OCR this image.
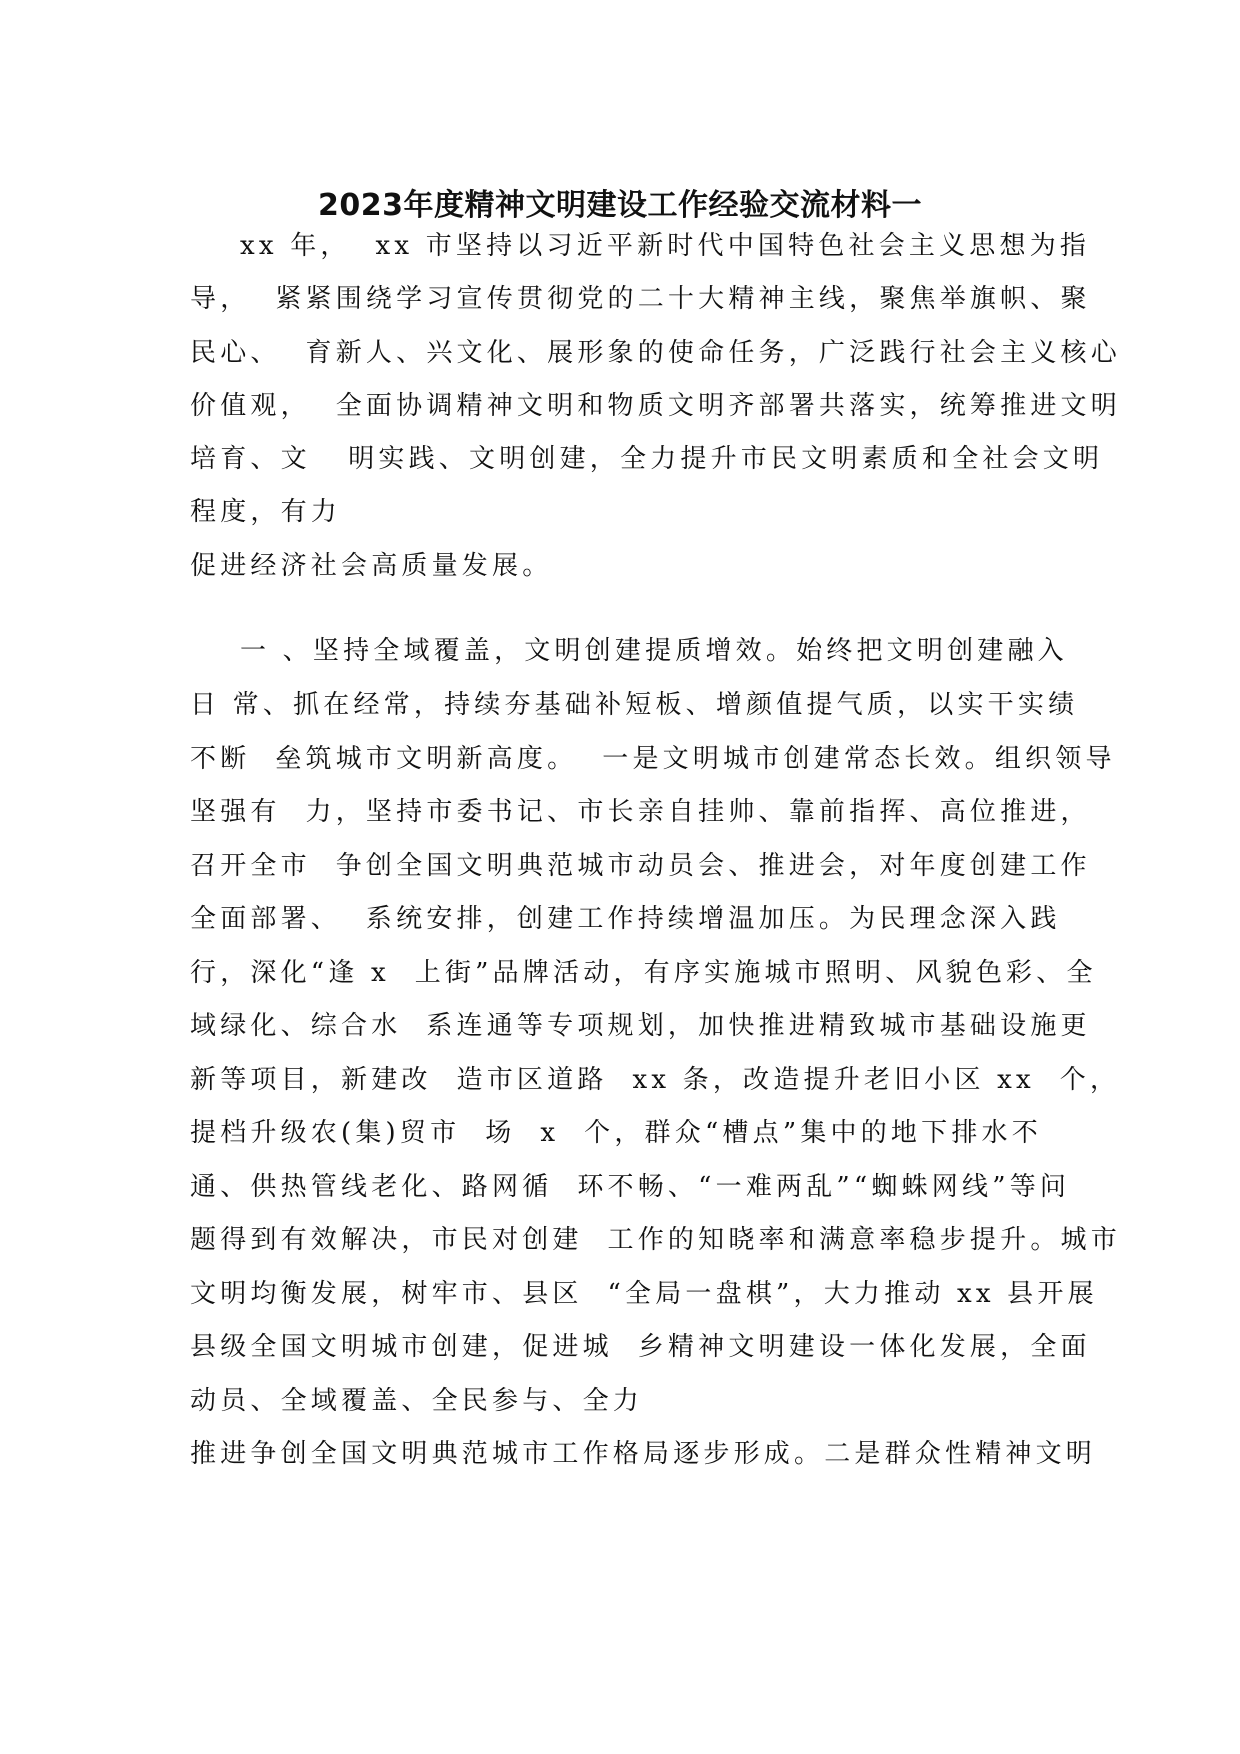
2023年度精神文明建设工作经验交流材料一
xx 年，  xx 市坚持以习近平新时代中国特色社会主义思想为指
导，  紧紧围绕学习宣传贯彻党的二十大精神主线，聚焦举旗帜、聚
民心、  育新人、兴文化、展形象的使命任务，广泛践行社会主义核心
价值观，  全面协调精神文明和物质文明齐部署共落实，统筹推进文明
培育、文   明实践、文明创建，全力提升市民文明素质和全社会文明
程度，有力
促进经济社会高质量发展。
一 、坚持全域覆盖，文明创建提质增效。始终把文明创建融入
日 常、抓在经常，持续夯基础补短板、增颜值提气质，以实干实绩
不断  垒筑城市文明新高度。  一是文明城市创建常态长效。组织领导
坚强有  力，坚持市委书记、市长亲自挂帅、靠前指挥、高位推进，
召开全市  争创全国文明典范城市动员会、推进会，对年度创建工作
全面部署、  系统安排，创建工作持续增温加压。为民理念深入践
行，深化“逢 x  上街”品牌活动，有序实施城市照明、风貌色彩、全
域绿化、综合水  系连通等专项规划，加快推进精致城市基础设施更
新等项目，新建改  造市区道路  xx 条，改造提升老旧小区 xx  个，
提档升级农(集)贸市  场  x  个，群众“槽点”集中的地下排水不
通、供热管线老化、路网循  环不畅、“一难两乱”“蜘蛛网线”等问
题得到有效解决，市民对创建  工作的知晓率和满意率稳步提升。城市
文明均衡发展，树牢市、县区  “全局一盘棋”，大力推动 xx 县开展
县级全国文明城市创建，促进城  乡精神文明建设一体化发展，全面
动员、全域覆盖、全民参与、全力
推进争创全国文明典范城市工作格局逐步形成。二是群众性精神文明
